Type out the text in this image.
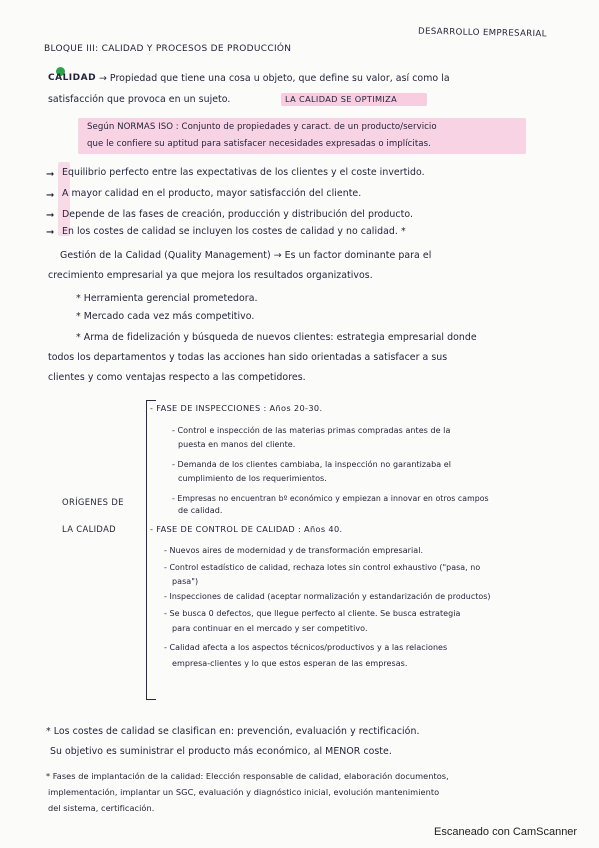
DESARROLLO EMPRESARIAL
BLOQUE III: CALIDAD Y PROCESOS DE PRODUCCIÓN
CALIDAD → Propiedad que tiene una cosa u objeto, que define su valor, así como la
satisfacción que provoca en un sujeto.	LA CALIDAD SE OPTIMIZA
Según NORMAS ISO : Conjunto de propiedades y caract. de un producto/servicio
que le confiere su aptitud para satisfacer necesidades expresadas o implícitas.
Equilibrio perfecto entre las expectativas de los clientes y el coste invertido.
A mayor calidad en el producto, mayor satisfacción del cliente.
Depende de las fases de creación, producción y distribución del producto.
En los costes de calidad se incluyen los costes de calidad y no calidad. *
➞
➞
➞
➞
Gestión de la Calidad (Quality Management) → Es un factor dominante para el
crecimiento empresarial ya que mejora los resultados organizativos.
* Herramienta gerencial prometedora.
* Mercado cada vez más competitivo.
* Arma de fidelización y búsqueda de nuevos clientes: estrategia empresarial donde
todos los departamentos y todas las acciones han sido orientadas a satisfacer a sus
clientes y como ventajas respecto a las competidores.
ORÍGENES DE
LA CALIDAD
- FASE DE INSPECCIONES : Años 20-30.
- Control e inspección de las materias primas compradas antes de la
puesta en manos del cliente.
- Demanda de los clientes cambiaba, la inspección no garantizaba el
cumplimiento de los requerimientos.
- Empresas no encuentran bº económico y empiezan a innovar en otros campos
de calidad.
- FASE DE CONTROL DE CALIDAD : Años 40.
- Nuevos aires de modernidad y de transformación empresarial.
- Control estadístico de calidad, rechaza lotes sin control exhaustivo ("pasa, no
pasa")
- Inspecciones de calidad (aceptar normalización y estandarización de productos)
- Se busca 0 defectos, que llegue perfecto al cliente. Se busca estrategia
para continuar en el mercado y ser competitivo.
- Calidad afecta a los aspectos técnicos/productivos y a las relaciones
empresa-clientes y lo que estos esperan de las empresas.
* Los costes de calidad se clasifican en: prevención, evaluación y rectificación.
Su objetivo es suministrar el producto más económico, al MENOR coste.
* Fases de implantación de la calidad: Elección responsable de calidad, elaboración documentos,
implementación, implantar un SGC, evaluación y diagnóstico inicial, evolución mantenimiento
del sistema, certificación.
Escaneado con CamScanner
